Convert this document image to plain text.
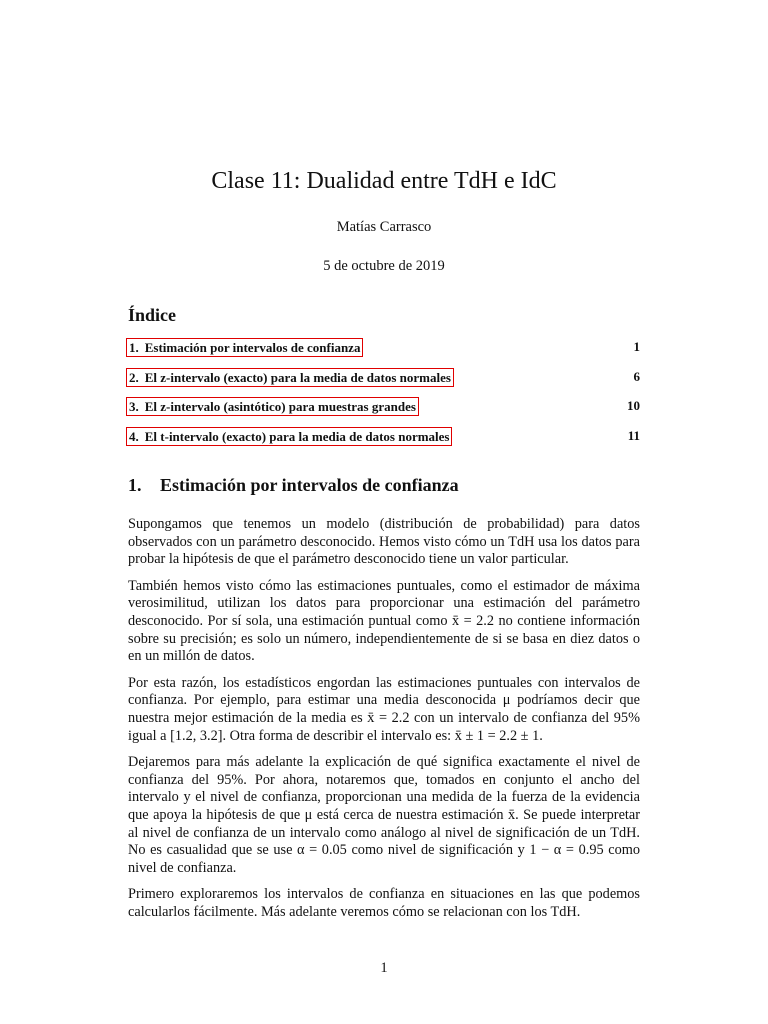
Clase 11: Dualidad entre TdH e IdC
Matías Carrasco
5 de octubre de 2019
Índice
1. Estimación por intervalos de confianza	1
2. El z-intervalo (exacto) para la media de datos normales	6
3. El z-intervalo (asintótico) para muestras grandes	10
4. El t-intervalo (exacto) para la media de datos normales	11
1. Estimación por intervalos de confianza

Supongamos que tenemos un modelo (distribución de probabilidad) para datos observados con un parámetro desconocido. Hemos visto cómo un TdH usa los datos para probar la hipótesis de que el parámetro desconocido tiene un valor particular.

También hemos visto cómo las estimaciones puntuales, como el estimador de máxima verosimilitud, utilizan los datos para proporcionar una estimación del parámetro desconocido. Por sí sola, una estimación puntual como x̄ = 2.2 no contiene información sobre su precisión; es solo un número, independientemente de si se basa en diez datos o en un millón de datos.

Por esta razón, los estadísticos engordan las estimaciones puntuales con intervalos de confianza. Por ejemplo, para estimar una media desconocida μ podríamos decir que nuestra mejor estimación de la media es x̄ = 2.2 con un intervalo de confianza del 95% igual a [1.2, 3.2]. Otra forma de describir el intervalo es: x̄ ± 1 = 2.2 ± 1.

Dejaremos para más adelante la explicación de qué significa exactamente el nivel de confianza del 95%. Por ahora, notaremos que, tomados en conjunto el ancho del intervalo y el nivel de confianza, proporcionan una medida de la fuerza de la evidencia que apoya la hipótesis de que μ está cerca de nuestra estimación x̄. Se puede interpretar al nivel de confianza de un intervalo como análogo al nivel de significación de un TdH. No es casualidad que se use α = 0.05 como nivel de significación y 1 − α = 0.95 como nivel de confianza.

Primero exploraremos los intervalos de confianza en situaciones en las que podemos calcularlos fácilmente. Más adelante veremos cómo se relacionan con los TdH.

1
